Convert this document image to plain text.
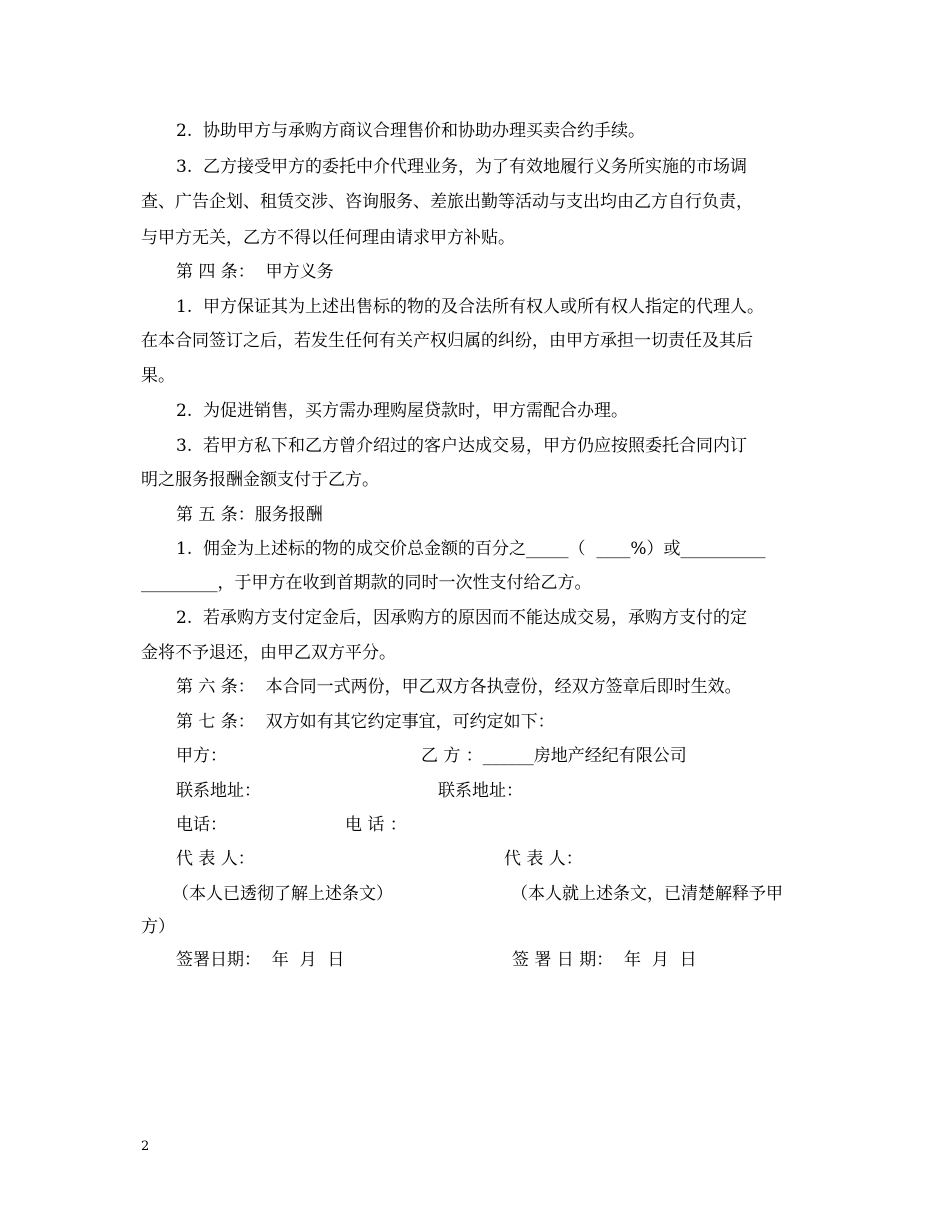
2.  协助甲方与承购方商议合理售价和协助办理买卖合约手续。
3.  乙方接受甲方的委托中介代理业务，为了有效地履行义务所实施的市场调
查、广告企划、租赁交涉、咨询服务、差旅出勤等活动与支出均由乙方自行负责，
与甲方无关，乙方不得以任何理由请求甲方补贴。
第 四 条：  甲方义务
1.  甲方保证其为上述出售标的物的及合法所有权人或所有权人指定的代理人。
在本合同签订之后，若发生任何有关产权归属的纠纷，由甲方承担一切责任及其后
果。
2.  为促进销售，买方需办理购屋贷款时，甲方需配合办理。
3.  若甲方私下和乙方曾介绍过的客户达成交易，甲方仍应按照委托合同内订
明之服务报酬金额支付于乙方。
第 五 条：服务报酬
1.  佣金为上述标的物的成交价总金额的百分之_____（  ____%）或__________
_________，于甲方在收到首期款的同时一次性支付给乙方。
2.  若承购方支付定金后，因承购方的原因而不能达成交易，承购方支付的定
金将不予退还，由甲乙双方平分。
第 六 条：  本合同一式两份，甲乙双方各执壹份，经双方签章后即时生效。
第 七 条：  双方如有其它约定事宜，可约定如下：
甲方：	乙 方 ：______房地产经纪有限公司
联系地址：	联系地址：
电话：	电 话 ：
代 表 人：	代 表 人：
（本人已透彻了解上述条文）	（本人就上述条文，已清楚解释予甲
方）
签署日期：  年  月  日	签 署 日 期：  年  月  日
2
